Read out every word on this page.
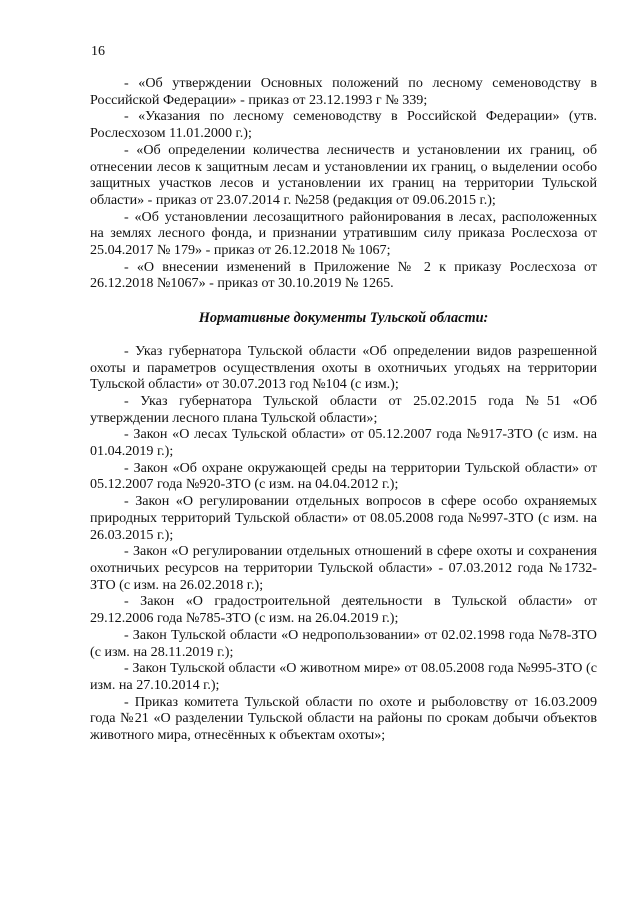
16

- «Об утверждении Основных положений по лесному семеноводству в Российской Федерации» - приказ от 23.12.1993 г № 339;

- «Указания по лесному семеноводству в Российской Федерации» (утв. Рослесхозом 11.01.2000 г.);

- «Об определении количества лесничеств и установлении их границ, об отнесении лесов к защитным лесам и установлении их границ, о выделении особо защитных участков лесов и установлении их границ на территории Тульской области» - приказ от 23.07.2014 г. №258 (редакция от 09.06.2015 г.);

- «Об установлении лесозащитного районирования в лесах, расположенных на землях лесного фонда, и признании утратившим силу приказа Рослесхоза от 25.04.2017 № 179» - приказ от 26.12.2018 № 1067;

- «О внесении изменений в Приложение № 2 к приказу Рослесхоза от 26.12.2018 №1067» - приказ от 30.10.2019 № 1265.

Нормативные документы Тульской области:

- Указ губернатора Тульской области «Об определении видов разрешенной охоты и параметров осуществления охоты в охотничьих угодьях на территории Тульской области» от 30.07.2013 год №104 (с изм.);

- Указ губернатора Тульской области от 25.02.2015 года №51 «Об утверждении лесного плана Тульской области»;

- Закон «О лесах Тульской области» от 05.12.2007 года №917-ЗТО (с изм. на 01.04.2019 г.);

- Закон «Об охране окружающей среды на территории Тульской области» от 05.12.2007 года №920-ЗТО (с изм. на 04.04.2012 г.);

- Закон «О регулировании отдельных вопросов в сфере особо охраняемых природных территорий Тульской области» от 08.05.2008 года №997-ЗТО (с изм. на 26.03.2015 г.);

- Закон «О регулировании отдельных отношений в сфере охоты и сохранения охотничьих ресурсов на территории Тульской области» - 07.03.2012 года №1732-ЗТО (с изм. на 26.02.2018 г.);

- Закон «О градостроительной деятельности в Тульской области» от 29.12.2006 года №785-ЗТО (с изм. на 26.04.2019 г.);

- Закон Тульской области «О недропользовании» от 02.02.1998 года №78-ЗТО (с изм. на 28.11.2019 г.);

- Закон Тульской области «О животном мире» от 08.05.2008 года №995-ЗТО (с изм. на 27.10.2014 г.);

- Приказ комитета Тульской области по охоте и рыболовству от 16.03.2009 года №21 «О разделении Тульской области на районы по срокам добычи объектов животного мира, отнесённых к объектам охоты»;
